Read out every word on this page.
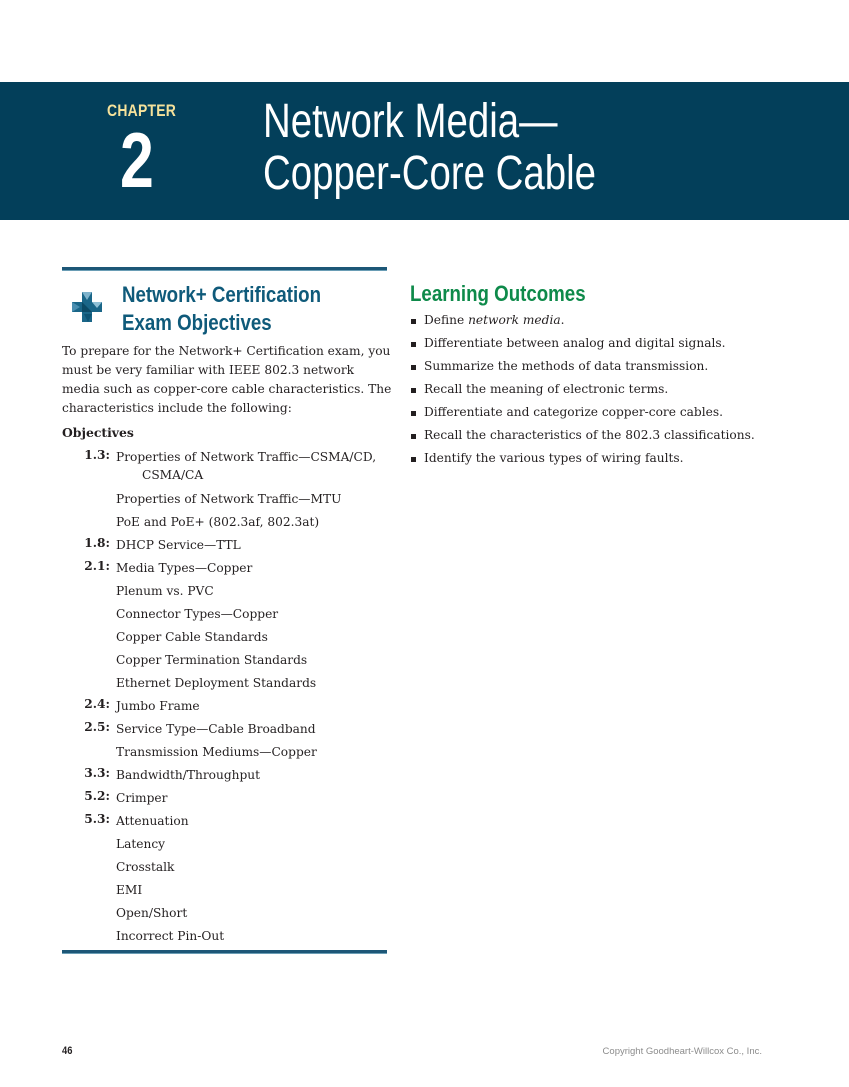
CHAPTER
2 Network Media—
Copper-Core Cable
Network+ Certification
Exam Objectives
To prepare for the Network+ Certification exam, you must be very familiar with IEEE 802.3 network media such as copper-core cable characteristics. The characteristics include the following:
Objectives
1.3: Properties of Network Traffic—CSMA/CD,
CSMA/CA
Properties of Network Traffic—MTU
PoE and PoE+ (802.3af, 802.3at)
1.8: DHCP Service—TTL
2.1: Media Types—Copper
Plenum vs. PVC
Connector Types—Copper
Copper Cable Standards
Copper Termination Standards
Ethernet Deployment Standards
2.4: Jumbo Frame
2.5: Service Type—Cable Broadband
Transmission Mediums—Copper
3.3: Bandwidth/Throughput
5.2: Crimper
5.3: Attenuation
Latency
Crosstalk
EMI
Open/Short
Incorrect Pin-Out
Learning Outcomes
Define network media.
Differentiate between analog and digital signals.
Summarize the methods of data transmission.
Recall the meaning of electronic terms.
Differentiate and categorize copper-core cables.
Recall the characteristics of the 802.3 classifications.
Identify the various types of wiring faults.
46	Copyright Goodheart-Willcox Co., Inc.
